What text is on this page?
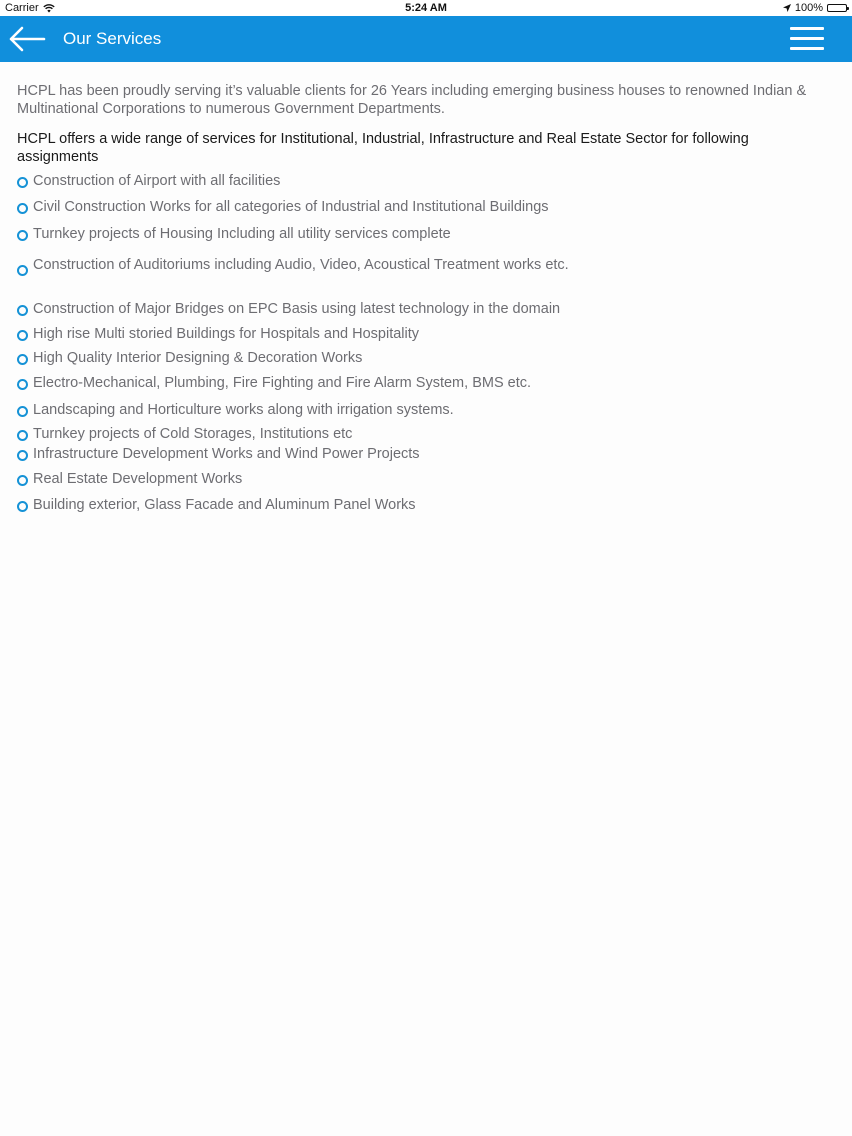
Carrier	5:24 AM	100%
Our Services

HCPL has been proudly serving it’s valuable clients for 26 Years including emerging business houses to renowned Indian & Multinational Corporations to numerous Government Departments.

HCPL offers a wide range of services for Institutional, Industrial, Infrastructure and Real Estate Sector for following assignments

Construction of Airport with all facilities
Civil Construction Works for all categories of Industrial and Institutional Buildings
Turnkey projects of Housing Including all utility services complete
Construction of Auditoriums including Audio, Video, Acoustical Treatment works etc.
Construction of Major Bridges on EPC Basis using latest technology in the domain
High rise Multi storied Buildings for Hospitals and Hospitality
High Quality Interior Designing & Decoration Works
Electro-Mechanical, Plumbing, Fire Fighting and Fire Alarm System, BMS etc.
Landscaping and Horticulture works along with irrigation systems.
Turnkey projects of Cold Storages, Institutions etc
Infrastructure Development Works and Wind Power Projects
Real Estate Development Works
Building exterior, Glass Facade and Aluminum Panel Works
